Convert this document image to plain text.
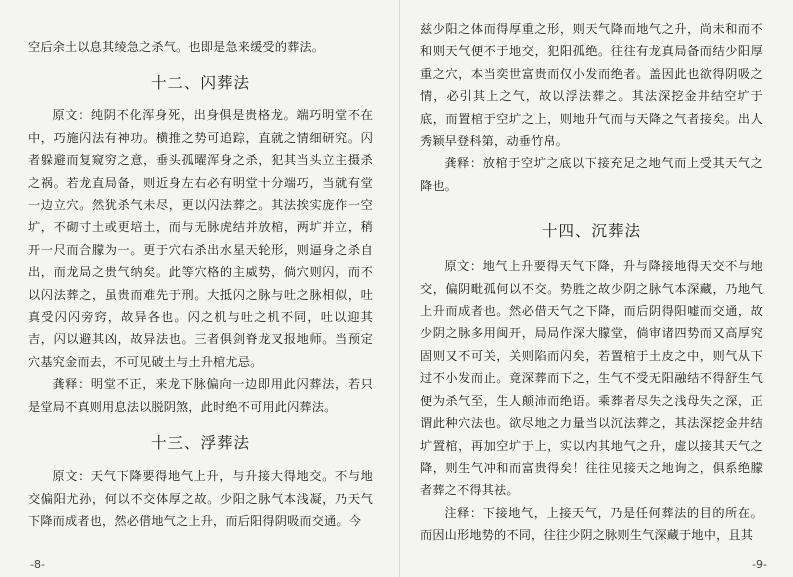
空后余土以息其绫急之杀气。也即是急来缓受的葬法。

十二、闪葬法

原文：纯阴不化浑身死，出身俱是贵格龙。端巧明堂不在中，巧施闪法有神功。横推之势可追踪，直就之情细研究。闪者躲避而复窥穷之意，垂头孤曜浑身之杀，犯其当头立主摄杀之祸。若龙直局备，则近身左右必有明堂十分端巧，当就有堂一边立穴。然犹杀气未尽，更以闪法葬之。其法挨实庞作一空圹，不砌寸土或更培土，而与无脉虎结并放棺，两圹并立，稍开一尺而合朦为一。更于穴右杀出水星天轮形，则逼身之杀自出，而龙局之贵气纳矣。此等穴格的主威势，倘穴则闪，而不以闪法葬之，虽贵而难先于刑。大抵闪之脉与吐之脉相似，吐真受闪闪旁窍，故异各也。闪之机与吐之机不同，吐以迎其吉，闪以避其凶，故异法也。三者俱剑脊龙叉报地师。当预定穴基究金而去，不可见破土与土升棺尤忌。

龚释：明堂不正，来龙下脉偏向一边即用此闪葬法，若只是堂局不真则用息法以脱阴煞，此时绝不可用此闪葬法。

十三、浮葬法

原文：天气下降要得地气上升，与升接大得地交。不与地交偏阳尤孙，何以不交体厚之故。少阳之脉气本浅凝，乃天气下降而成者也，然必借地气之上升，而后阳得阴吸而交通。今

-8-

兹少阳之体而得厚重之形，则天气降而地气之升，尚未和而不和则天气便不于地交，犯阳孤绝。往往有龙真局备而结少阳厚重之穴，本当奕世富贵而仅小发而绝者。盖因此也欲得阴吸之情，必引其上之气，故以浮法葬之。其法深挖金井结空圹于底，而置棺于空圹之上，则地升气而与天降之气者接矣。出人秀颖早登科第，动垂竹帛。

龚释：放棺于空圹之底以下接充足之地气而上受其天气之降也。

十四、沉葬法

原文：地气上升要得天气下降，升与降接地得天交不与地交，偏阴毗孤何以不交。势胜之故少阴之脉气本深藏，乃地气上升而成者也。然必借天气之下降，而后阴得阳嘘而交通，故少阴之脉多用闽开，局局作深大朦堂，倘审诸四势而又高厚究固则又不可关，关则陷而闪矣，若置棺于土皮之中，则气从下过不小发而止。竟深葬而下之，生气不受无阳融结不得舒生气便为杀气至，生人颠沛而绝语。乘葬者尽失之浅母失之深，正谓此种穴法也。欲尽地之力量当以沉法葬之，其法深挖金井结圹置棺，再加空圹于上，实以内其地气之升，虚以接其天气之降，则生气冲和而富贵得矣！往往见接天之地询之，俱系绝朦者葬之不得其祛。

注释：下接地气，上接天气，乃是任何葬法的目的所在。而因山形地势的不同，往往少阴之脉则生气深藏于地中，且其

-9-
